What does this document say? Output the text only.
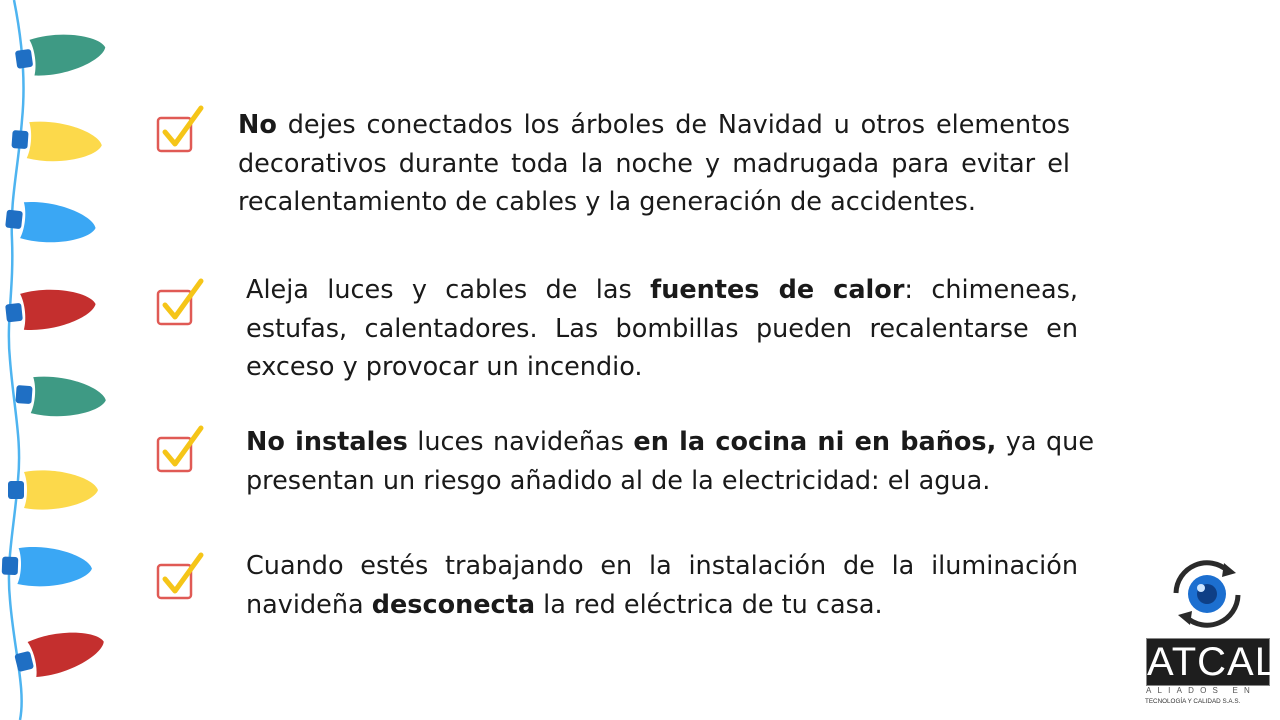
No dejes conectados los árboles de Navidad u otros elementos decorativos durante toda la noche y madrugada para evitar el recalentamiento de cables y la generación de accidentes.

Aleja luces y cables de las fuentes de calor: chimeneas, estufas, calentadores. Las bombillas pueden recalentarse en exceso y provocar un incendio.

No instales luces navideñas en la cocina ni en baños, ya que presentan un riesgo añadido al de la electricidad: el agua.

Cuando estés trabajando en la instalación de la iluminación navideña desconecta la red eléctrica de tu casa.

ATCAL
ALIADOS EN
TECNOLOGÍA Y CALIDAD S.A.S.
